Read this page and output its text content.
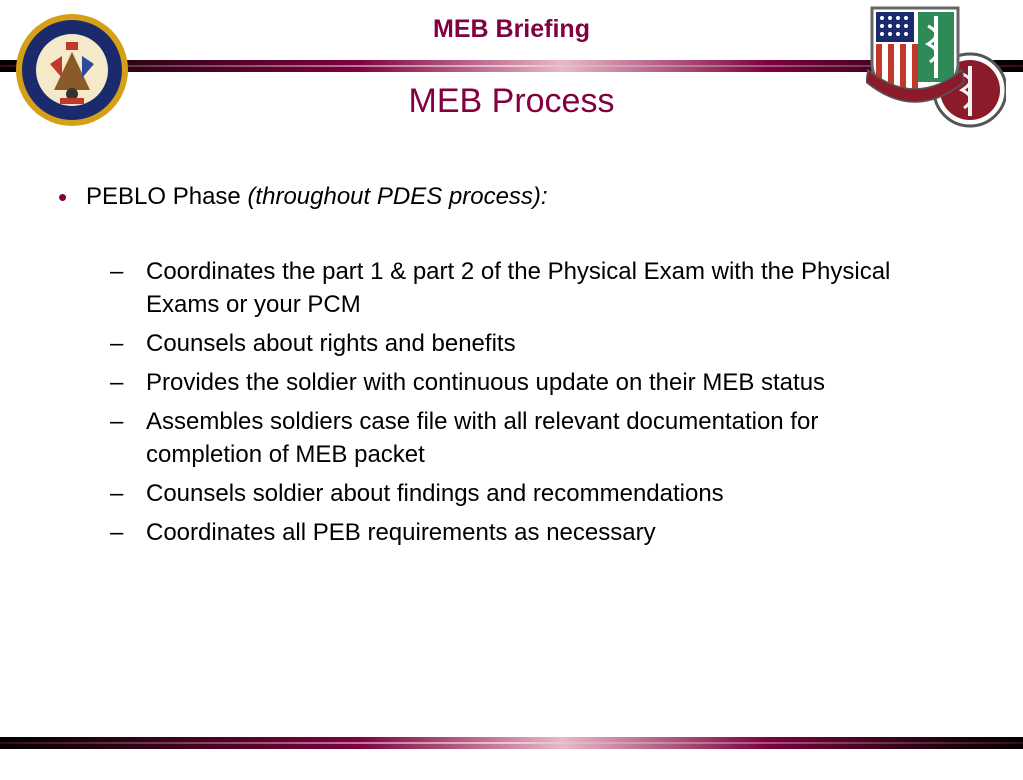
MEB Briefing
MEB Process
• PEBLO Phase (throughout PDES process):
– Coordinates the part 1 & part 2 of the Physical Exam with the Physical Exams or your PCM
– Counsels about rights and benefits
– Provides the soldier with continuous update on their MEB status
– Assembles soldiers case file with all relevant documentation for completion of MEB packet
– Counsels soldier about findings and recommendations
– Coordinates all PEB requirements as necessary
